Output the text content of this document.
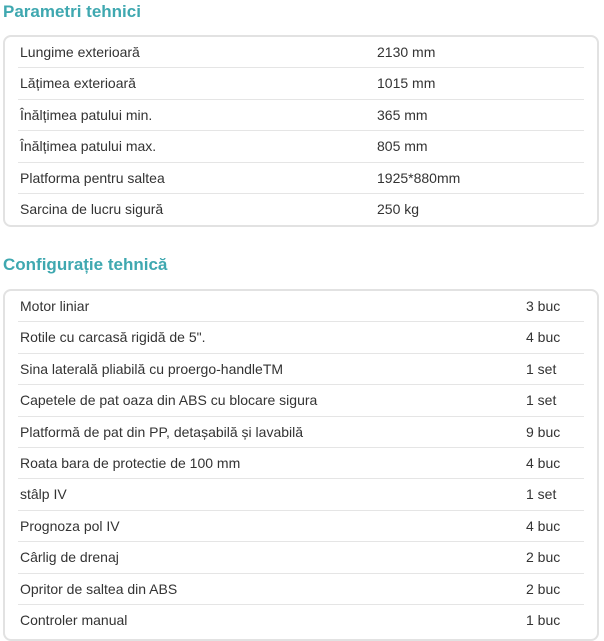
Parametri tehnici
Lungime exterioară	2130 mm
Lățimea exterioară	1015 mm
Înălțimea patului min.	365 mm
Înălțimea patului max.	805 mm
Platforma pentru saltea	1925*880mm
Sarcina de lucru sigură	250 kg
Configurație tehnică
Motor liniar	3 buc
Rotile cu carcasă rigidă de 5".	4 buc
Sina laterală pliabilă cu proergo-handleTM	1 set
Capetele de pat oaza din ABS cu blocare sigura	1 set
Platformă de pat din PP, detașabilă și lavabilă	9 buc
Roata bara de protectie de 100 mm	4 buc
stâlp IV	1 set
Prognoza pol IV	4 buc
Cârlig de drenaj	2 buc
Opritor de saltea din ABS	2 buc
Controler manual	1 buc
